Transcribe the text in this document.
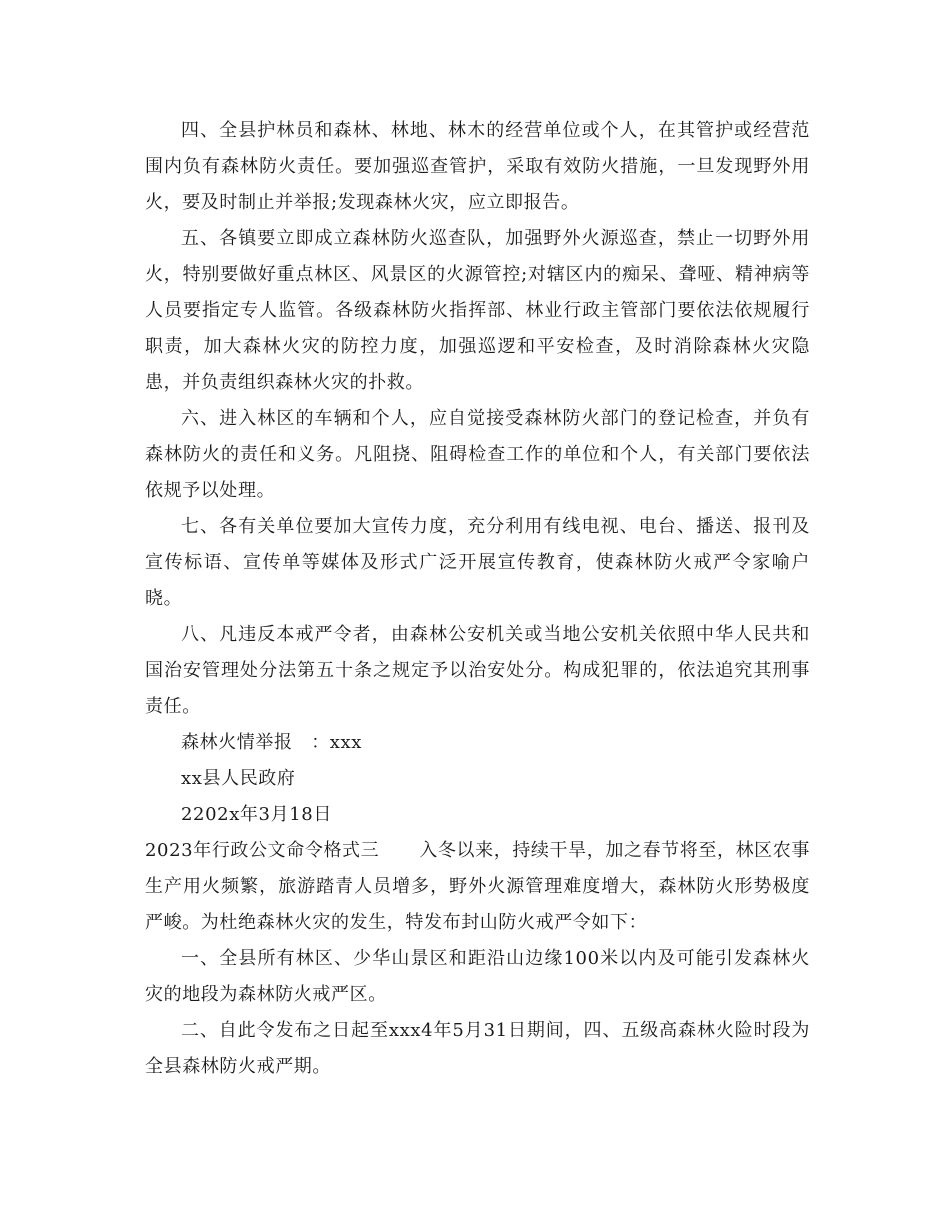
四、全县护林员和森林、林地、林木的经营单位或个人，在其管护或经营范围内负有森林防火责任。要加强巡查管护，采取有效防火措施，一旦发现野外用火，要及时制止并举报;发现森林火灾，应立即报告。

五、各镇要立即成立森林防火巡查队，加强野外火源巡查，禁止一切野外用火，特别要做好重点林区、风景区的火源管控;对辖区内的痴呆、聋哑、精神病等人员要指定专人监管。各级森林防火指挥部、林业行政主管部门要依法依规履行职责，加大森林火灾的防控力度，加强巡逻和平安检查，及时消除森林火灾隐患，并负责组织森林火灾的扑救。

六、进入林区的车辆和个人，应自觉接受森林防火部门的登记检查，并负有森林防火的责任和义务。凡阻挠、阻碍检查工作的单位和个人，有关部门要依法依规予以处理。

七、各有关单位要加大宣传力度，充分利用有线电视、电台、播送、报刊及宣传标语、宣传单等媒体及形式广泛开展宣传教育，使森林防火戒严令家喻户晓。

八、凡违反本戒严令者，由森林公安机关或当地公安机关依照中华人民共和国治安管理处分法第五十条之规定予以治安处分。构成犯罪的，依法追究其刑事责任。

森林火情举报　：xxx

xx县人民政府

2202x年3月18日

2023年行政公文命令格式三 入冬以来，持续干旱，加之春节将至，林区农事生产用火频繁，旅游踏青人员增多，野外火源管理难度增大，森林防火形势极度严峻。为杜绝森林火灾的发生，特发布封山防火戒严令如下：

一、全县所有林区、少华山景区和距沿山边缘100米以内及可能引发森林火灾的地段为森林防火戒严区。

二、自此令发布之日起至xxx4年5月31日期间，四、五级高森林火险时段为全县森林防火戒严期。
